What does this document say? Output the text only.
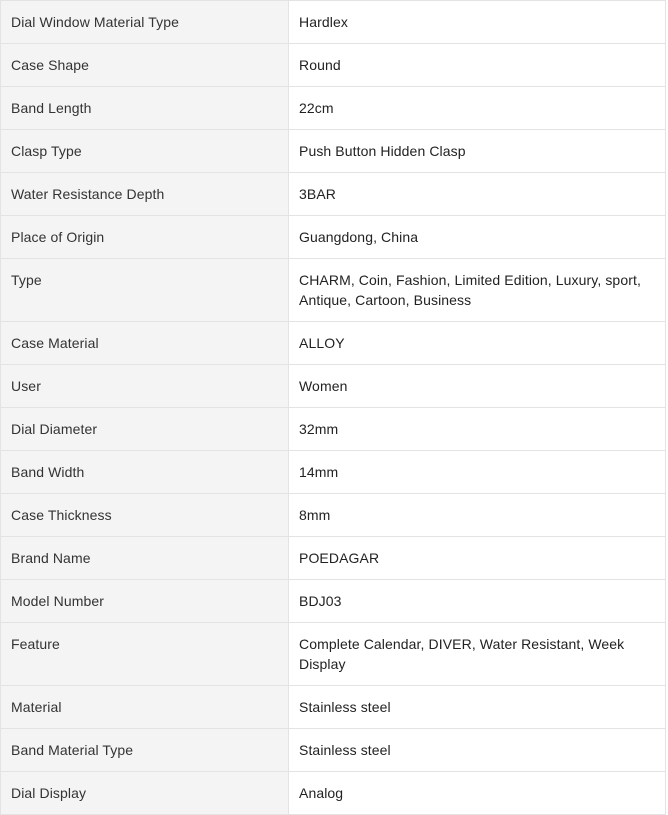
Dial Window Material Type	Hardlex
Case Shape	Round
Band Length	22cm
Clasp Type	Push Button Hidden Clasp
Water Resistance Depth	3BAR
Place of Origin	Guangdong, China
Type	CHARM, Coin, Fashion, Limited Edition, Luxury, sport, Antique, Cartoon, Business
Case Material	ALLOY
User	Women
Dial Diameter	32mm
Band Width	14mm
Case Thickness	8mm
Brand Name	POEDAGAR
Model Number	BDJ03
Feature	Complete Calendar, DIVER, Water Resistant, Week Display
Material	Stainless steel
Band Material Type	Stainless steel
Dial Display	Analog
